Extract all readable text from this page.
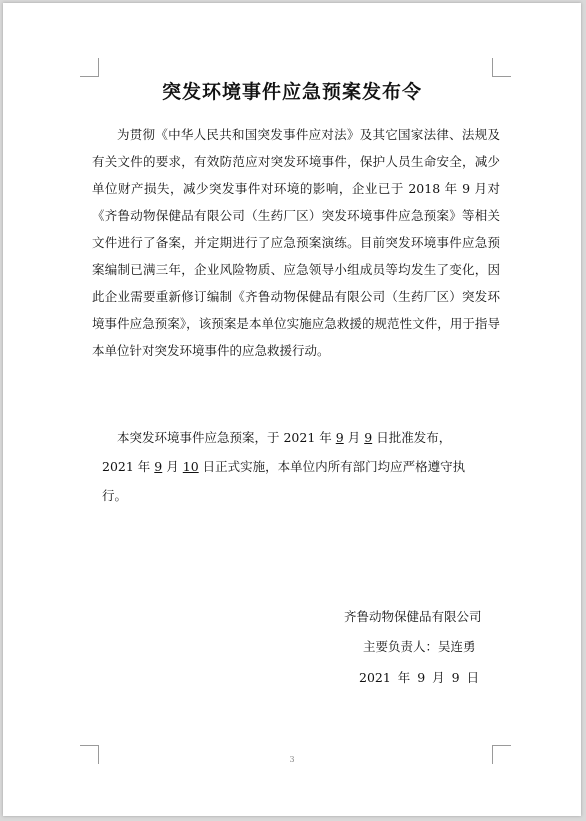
突发环境事件应急预案发布令
为贯彻《中华人民共和国突发事件应对法》及其它国家法律、法规及有关文件的要求，有效防范应对突发环境事件，保护人员生命安全，减少单位财产损失，减少突发事件对环境的影响，企业已于 2018 年 9 月对《齐鲁动物保健品有限公司（生药厂区）突发环境事件应急预案》等相关文件进行了备案，并定期进行了应急预案演练。目前突发环境事件应急预案编制已满三年，企业风险物质、应急领导小组成员等均发生了变化，因此企业需要重新修订编制《齐鲁动物保健品有限公司（生药厂区）突发环境事件应急预案》，该预案是本单位实施应急救援的规范性文件，用于指导本单位针对突发环境事件的应急救援行动。
本突发环境事件应急预案，于 2021 年 9 月 9 日批准发布，
2021 年 9 月 10 日正式实施，本单位内所有部门均应严格遵守执
行。
齐鲁动物保健品有限公司
主要负责人：吴连勇
2021 年 9 月 9 日
3
